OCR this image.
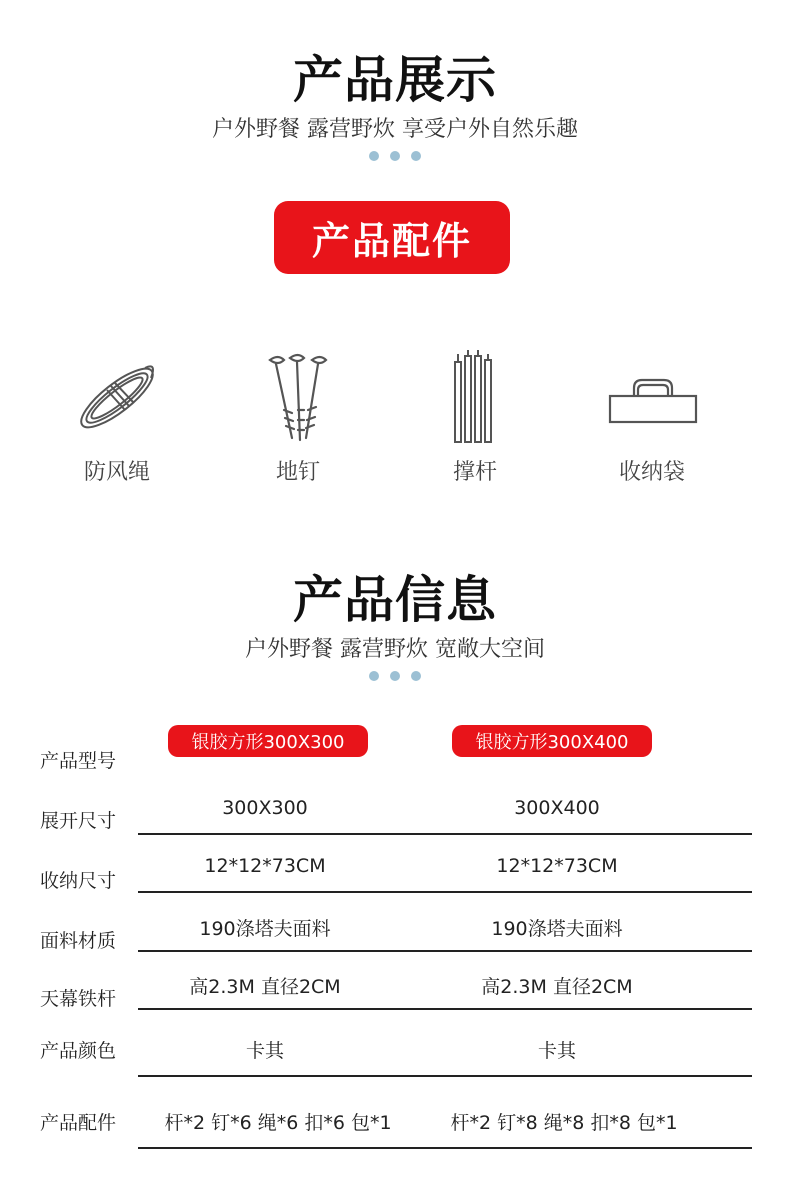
产品展示
户外野餐 露营野炊 享受户外自然乐趣
产品配件
防风绳	地钉	撑杆	收纳袋
产品信息
户外野餐 露营野炊 宽敞大空间
产品型号
银胶方形300X300	银胶方形300X400
展开尺寸
300X300	300X400
收纳尺寸
12*12*73CM	12*12*73CM
面料材质
190涤塔夫面料	190涤塔夫面料
天幕铁杆
高2.3M 直径2CM	高2.3M 直径2CM
产品颜色	卡其	卡其
产品配件	杆*2 钉*6 绳*6 扣*6 包*1	杆*2 钉*8 绳*8 扣*8 包*1
